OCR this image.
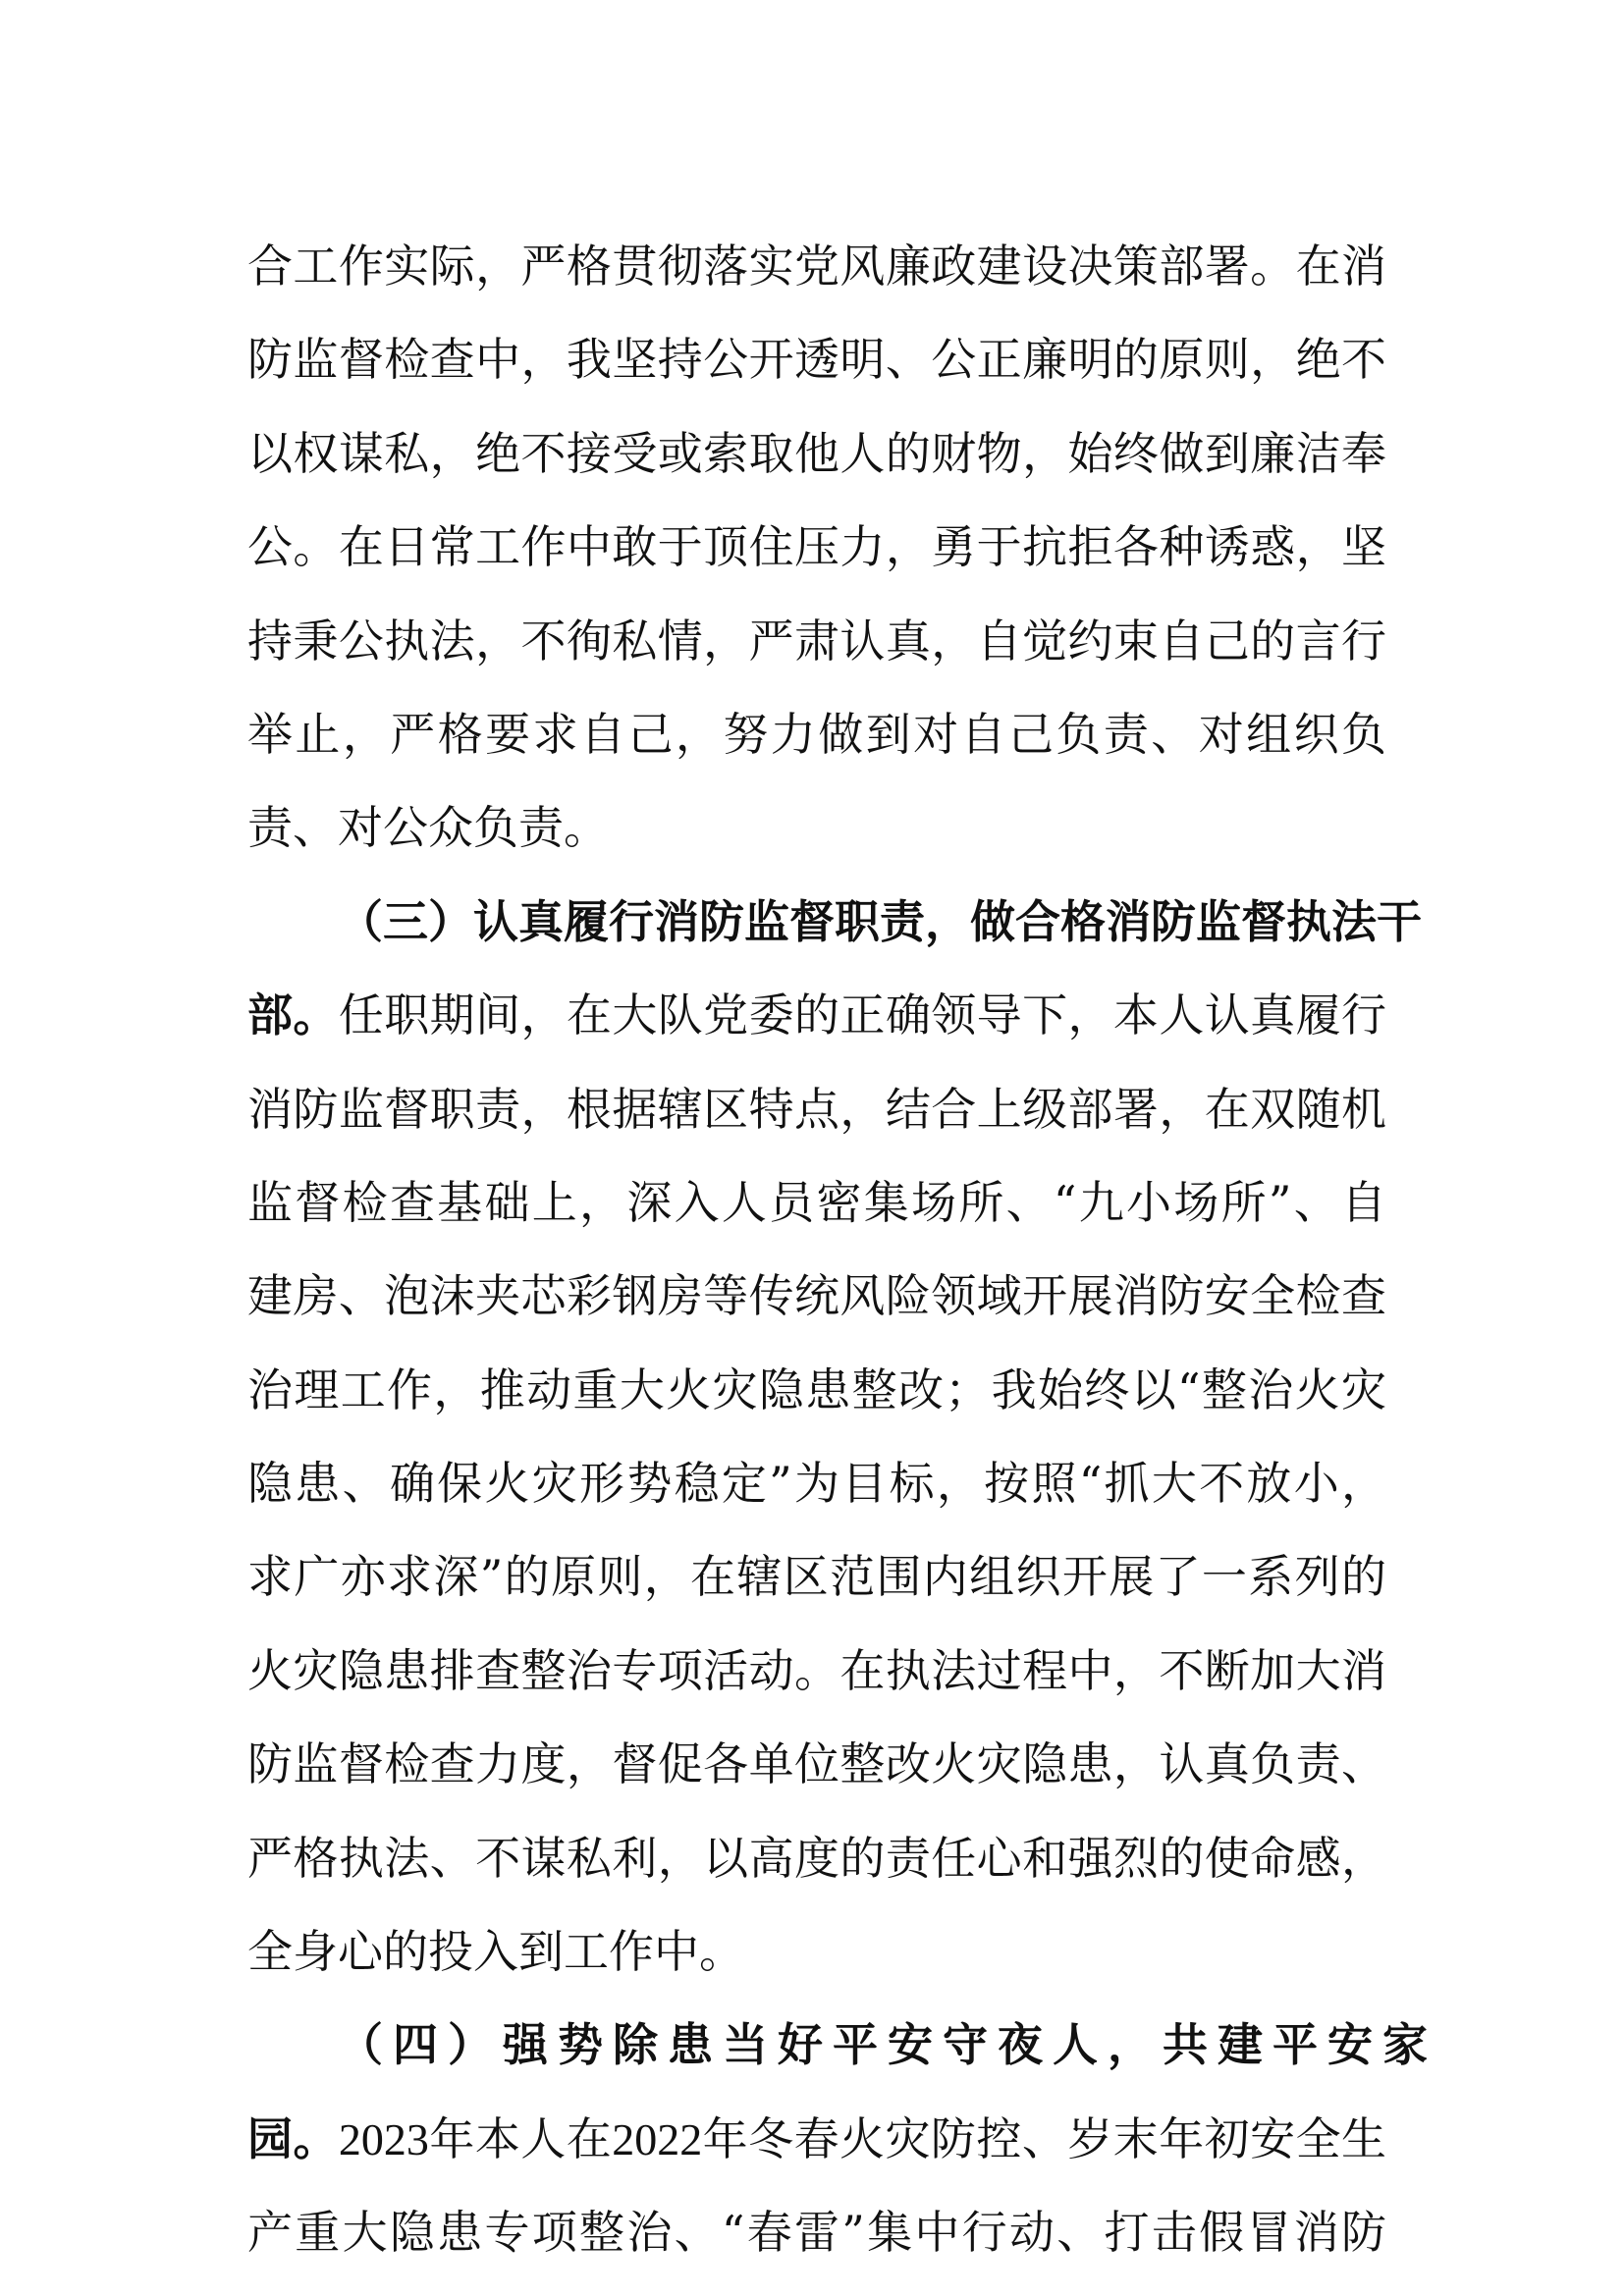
合工作实际，严格贯彻落实党风廉政建设决策部署。在消
防监督检查中，我坚持公开透明、公正廉明的原则，绝不
以权谋私，绝不接受或索取他人的财物，始终做到廉洁奉
公。在日常工作中敢于顶住压力，勇于抗拒各种诱惑，坚
持秉公执法，不徇私情，严肃认真，自觉约束自己的言行
举止，严格要求自己，努力做到对自己负责、对组织负
责、对公众负责。
（三）认真履行消防监督职责，做合格消防监督执法干
部。任职期间，在大队党委的正确领导下，本人认真履行
消防监督职责，根据辖区特点，结合上级部署，在双随机
监督检查基础上，深入人员密集场所、“九小场所”、自
建房、泡沫夹芯彩钢房等传统风险领域开展消防安全检查
治理工作，推动重大火灾隐患整改；我始终以“整治火灾
隐患、确保火灾形势稳定”为目标，按照“抓大不放小，
求广亦求深”的原则，在辖区范围内组织开展了一系列的
火灾隐患排查整治专项活动。在执法过程中，不断加大消
防监督检查力度，督促各单位整改火灾隐患，认真负责、
严格执法、不谋私利，以高度的责任心和强烈的使命感，
全身心的投入到工作中。
（四）强势除患当好平安守夜人，共建平安家
园。2023年本人在2022年冬春火灾防控、岁末年初安全生
产重大隐患专项整治、“春雷”集中行动、打击假冒消防
